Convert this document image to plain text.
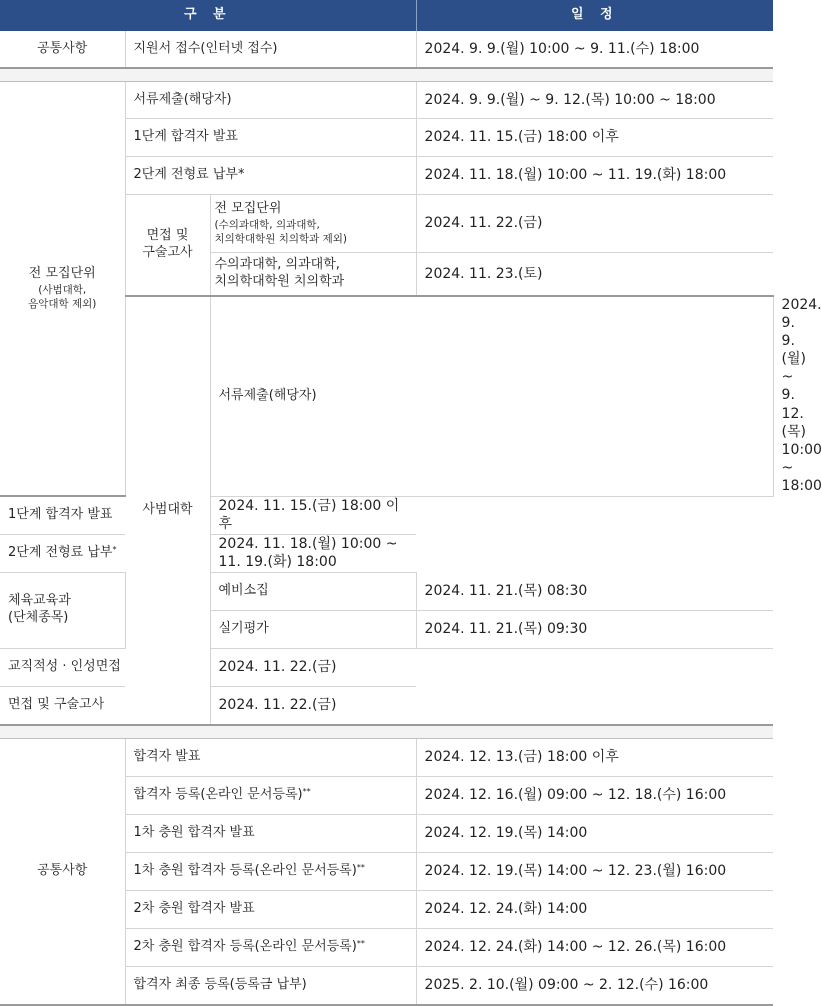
구 분			일 정	
공통사항	지원서 접수(인터넷 접수)		2024. 9. 9.(월) 10:00 ~ 9. 11.(수) 18:00	

전 모집단위
(사범대학,
음악대학 제외)	서류제출(해당자)		2024. 9. 9.(월) ~ 9. 12.(목) 10:00 ~ 18:00	
	1단계 합격자 발표		2024. 11. 15.(금) 18:00 이후	
	2단계 전형료 납부*		2024. 11. 18.(월) 10:00 ~ 11. 19.(화) 18:00	

	면접 및
구술고사	전 모집단위
(수의과대학, 의과대학,
치의학대학원 치의학과 제외)	2024. 11. 22.(금)	

		수의과대학, 의과대학,
치의학대학원 치의학과	2024. 11. 23.(토)	
	사범대학	서류제출(해당자)		2024. 9. 9.(월) ~ 9. 12.(목) 10:00 ~ 18:00
1단계 합격자 발표		2024. 11. 15.(금) 18:00 이후		
2단계 전형료 납부*		2024. 11. 18.(월) 10:00 ~ 11. 19.(화) 18:00		

체육교육과
(단체종목)		예비소집	2024. 11. 21.(목) 08:30	
		실기평가	2024. 11. 21.(목) 09:30	
교직적성 · 인성면접		2024. 11. 22.(금)		
면접 및 구술고사		2024. 11. 22.(금)		

공통사항	합격자 발표		2024. 12. 13.(금) 18:00 이후	
	합격자 등록(온라인 문서등록)**		2024. 12. 16.(월) 09:00 ~ 12. 18.(수) 16:00	
	1차 충원 합격자 발표		2024. 12. 19.(목) 14:00	
	1차 충원 합격자 등록(온라인 문서등록)**		2024. 12. 19.(목) 14:00 ~ 12. 23.(월) 16:00	
	2차 충원 합격자 발표		2024. 12. 24.(화) 14:00	
	2차 충원 합격자 등록(온라인 문서등록)**		2024. 12. 24.(화) 14:00 ~ 12. 26.(목) 16:00	
	합격자 최종 등록(등록금 납부)		2025. 2. 10.(월) 09:00 ~ 2. 12.(수) 16:00	
